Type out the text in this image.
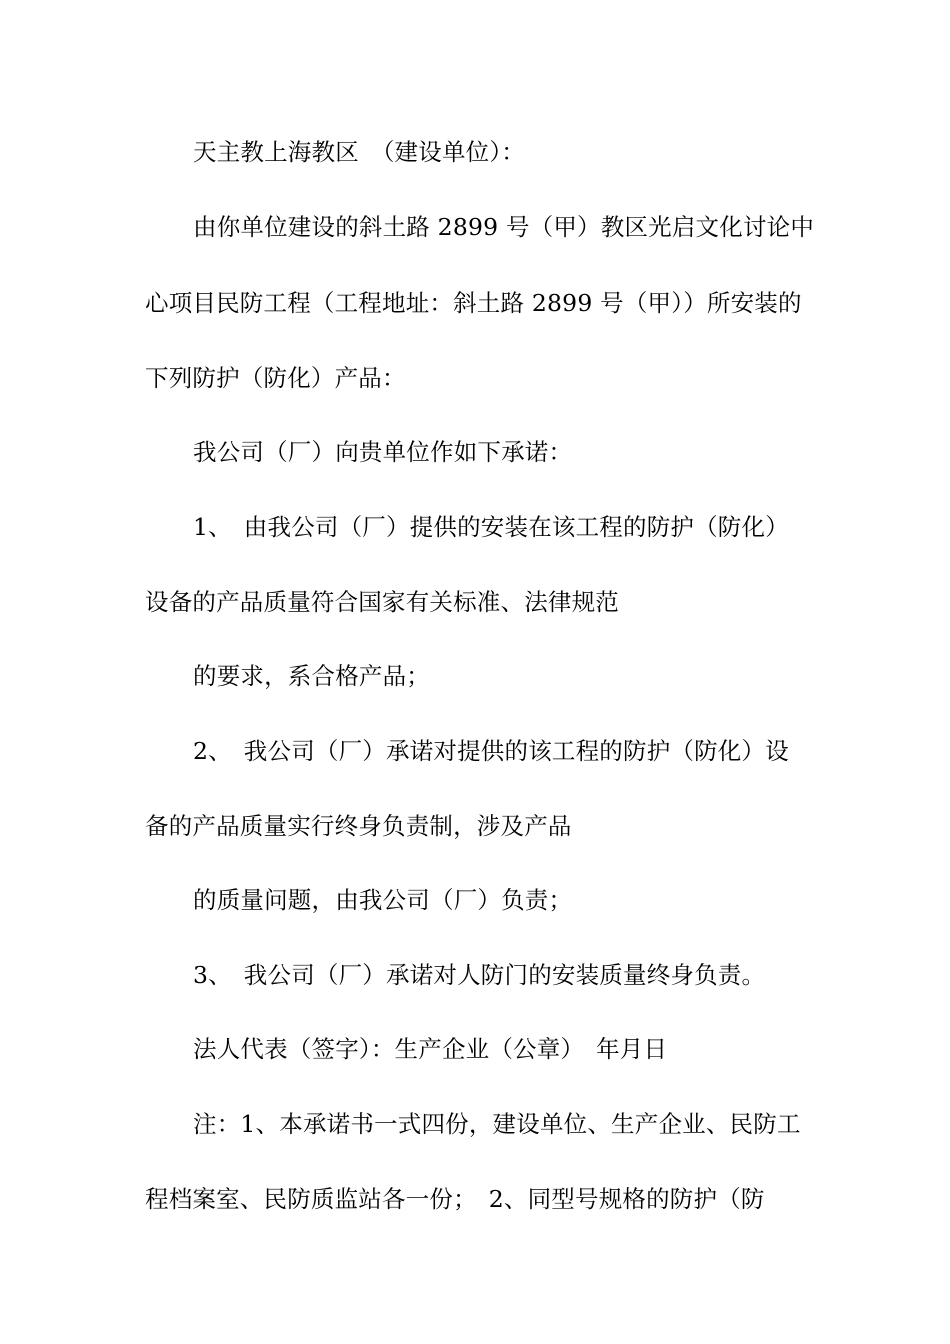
天主教上海教区　（建设单位）：
由你单位建设的斜土路 2899 号（甲）教区光启文化讨论中
心项目民防工程（工程地址：斜土路 2899 号（甲））所安装的
下列防护（防化）产品：
我公司（厂）向贵单位作如下承诺：
1、　由我公司（厂）提供的安装在该工程的防护（防化）
设备的产品质量符合国家有关标准、法律规范
的要求，系合格产品；
2、　我公司（厂）承诺对提供的该工程的防护（防化）设
备的产品质量实行终身负责制，涉及产品
的质量问题，由我公司（厂）负责；
3、　我公司（厂）承诺对人防门的安装质量终身负责。
法人代表（签字）：生产企业（公章）　年月日
注：1、本承诺书一式四份，建设单位、生产企业、民防工
程档案室、民防质监站各一份；　2、同型号规格的防护（防
